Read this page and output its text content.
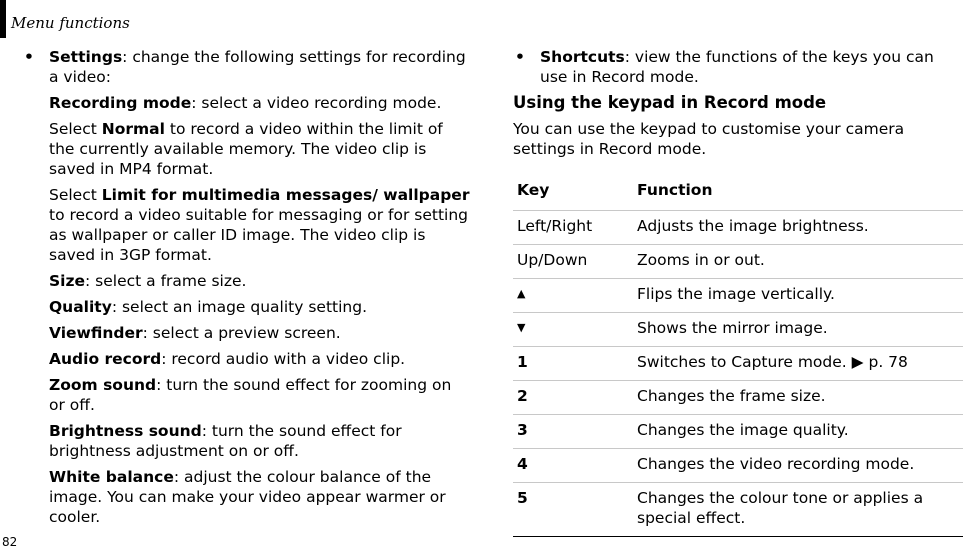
Menu functions
• Settings: change the following settings for recording a video:
Recording mode: select a video recording mode.
Select Normal to record a video within the limit of the currently available memory. The video clip is saved in MP4 format.
Select Limit for multimedia messages/ wallpaper to record a video suitable for messaging or for setting as wallpaper or caller ID image. The video clip is saved in 3GP format.
Size: select a frame size.
Quality: select an image quality setting.
Viewfinder: select a preview screen.
Audio record: record audio with a video clip.
Zoom sound: turn the sound effect for zooming on or off.
Brightness sound: turn the sound effect for brightness adjustment on or off.
White balance: adjust the colour balance of the image. You can make your video appear warmer or cooler.
• Shortcuts: view the functions of the keys you can use in Record mode.
Using the keypad in Record mode
You can use the keypad to customise your camera settings in Record mode.
Key	Function
Left/Right	Adjusts the image brightness.
Up/Down	Zooms in or out.
▲	Flips the image vertically.
▼	Shows the mirror image.
1	Switches to Capture mode. ▶ p. 78
2	Changes the frame size.
3	Changes the image quality.
4	Changes the video recording mode.
5	Changes the colour tone or applies a special effect.
82
